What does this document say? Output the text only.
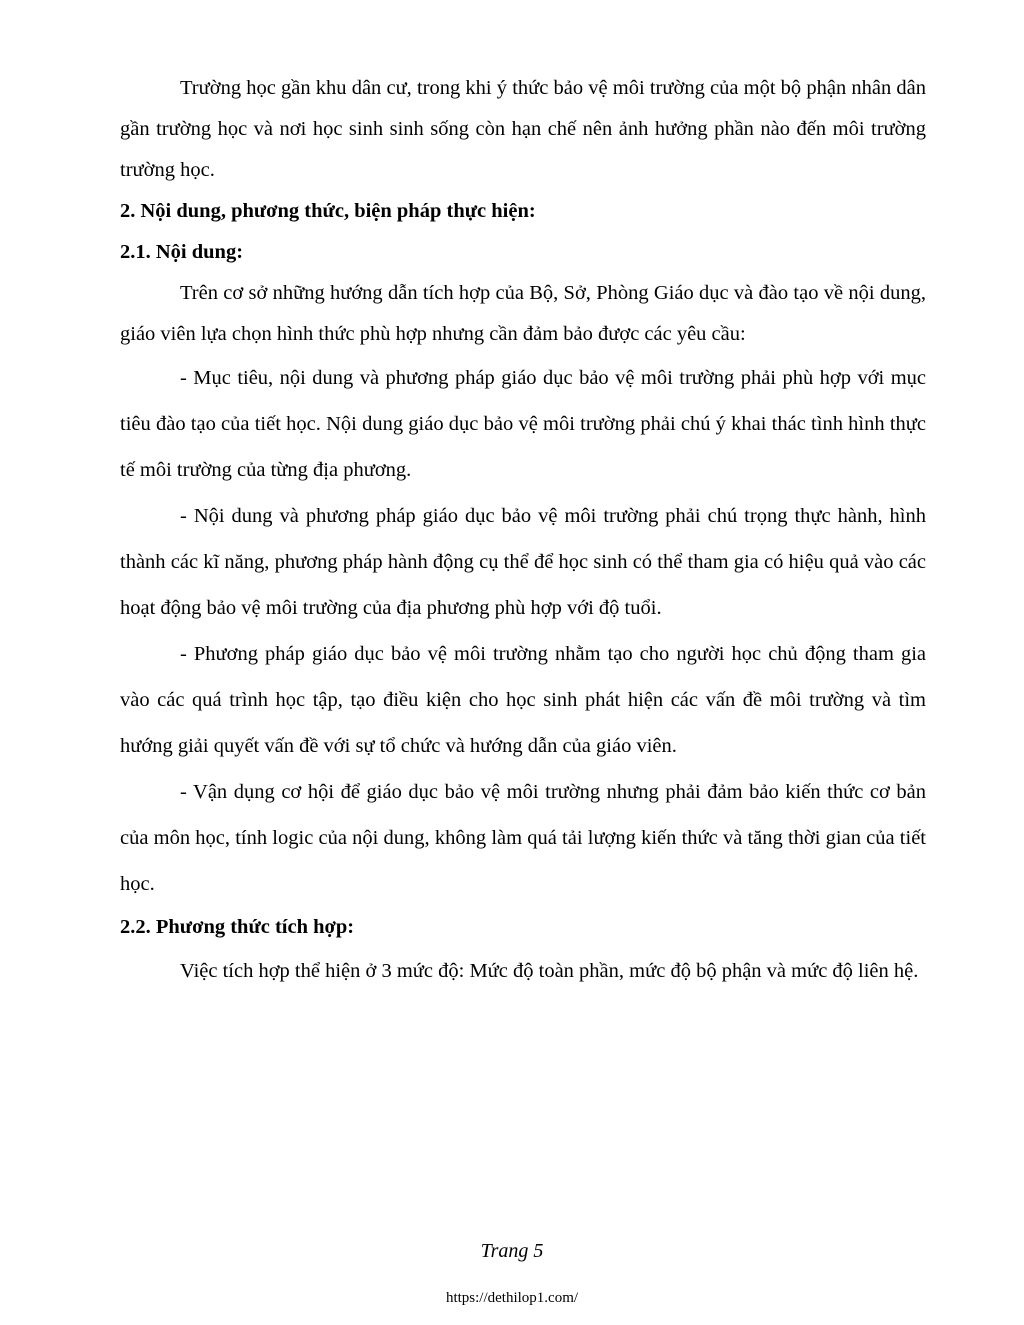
Trường học gần khu dân cư, trong khi ý thức bảo vệ môi trường của một bộ phận nhân dân gần trường học và nơi học sinh sinh sống còn hạn chế nên ảnh hưởng phần nào đến môi trường trường học.

2. Nội dung, phương thức, biện pháp thực hiện:

2.1. Nội dung:

Trên cơ sở những hướng dẫn tích hợp của Bộ, Sở, Phòng Giáo dục và đào tạo về nội dung, giáo viên lựa chọn hình thức phù hợp nhưng cần đảm bảo được các yêu cầu:

- Mục tiêu, nội dung và phương pháp giáo dục bảo vệ môi trường phải phù hợp với mục tiêu đào tạo của tiết học. Nội dung giáo dục bảo vệ môi trường phải chú ý khai thác tình hình thực tế môi trường của từng địa phương.

- Nội dung và phương pháp giáo dục bảo vệ môi trường phải chú trọng thực hành, hình thành các kĩ năng, phương pháp hành động cụ thể để học sinh có thể tham gia có hiệu quả vào các hoạt động bảo vệ môi trường của địa phương phù hợp với độ tuổi.

- Phương pháp giáo dục bảo vệ môi trường nhằm tạo cho người học chủ động tham gia vào các quá trình học tập, tạo điều kiện cho học sinh phát hiện các vấn đề môi trường và tìm hướng giải quyết vấn đề với sự tổ chức và hướng dẫn của giáo viên.

- Vận dụng cơ hội để giáo dục bảo vệ môi trường nhưng phải đảm bảo kiến thức cơ bản của môn học, tính logic của nội dung, không làm quá tải lượng kiến thức và tăng thời gian của tiết học.

2.2. Phương thức tích hợp:

Việc tích hợp thể hiện ở 3 mức độ: Mức độ toàn phần, mức độ bộ phận và mức độ liên hệ.

Trang 5
https://dethilop1.com/
